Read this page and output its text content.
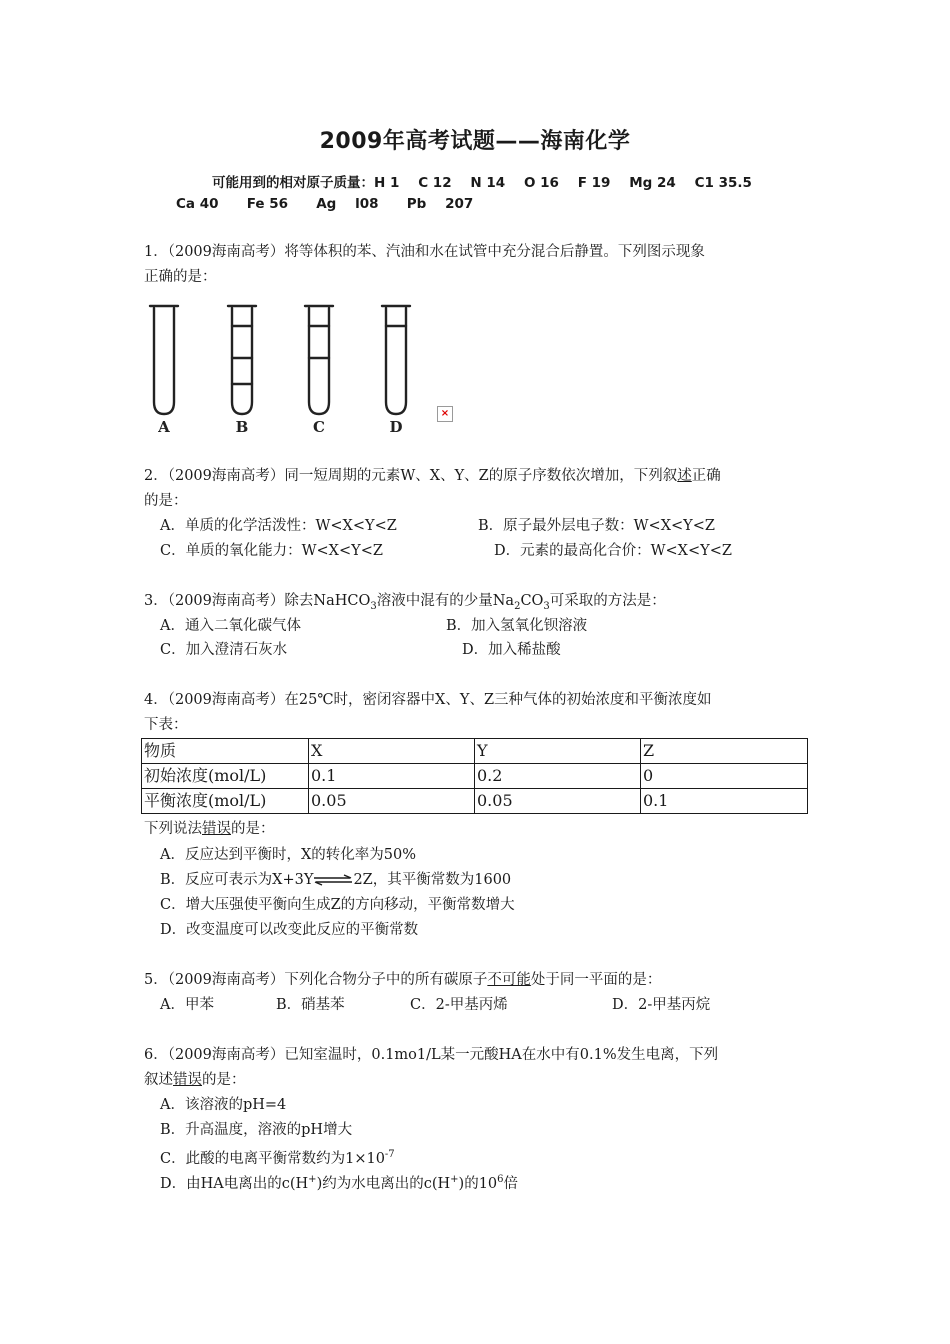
2009年高考试题——海南化学
可能用到的相对原子质量：H 1    C 12    N 14    O 16    F 19    Mg 24    C1 35.5
Ca 40      Fe 56      Ag    l08      Pb    207
1．（2009海南高考）将等体积的苯、汽油和水在试管中充分混合后静置。下列图示现象
正确的是：
A	B	C	D
×
2．（2009海南高考）同一短周期的元素W、X、Y、Z的原子序数依次增加，下列叙述正确
的是：
A．单质的化学活泼性：W<X<Y<Z	B．原子最外层电子数：W<X<Y<Z
C．单质的氧化能力：W<X<Y<Z	D．元素的最高化合价：W<X<Y<Z
3．（2009海南高考）除去NaHCO$_3$溶液中混有的少量$Na_2CO_3$可采取的方法是：
A．通入二氧化碳气体	B．加入氢氧化钡溶液
C．加入澄清石灰水	D．加入稀盐酸
4．（2009海南高考）在25℃时，密闭容器中X、Y、Z三种气体的初始浓度和平衡浓度如
下表：
物质	X	Y	Z
初始浓度(mol/L)	0.1	0.2	0
平衡浓度(mol/L)	0.05	0.05	0.1
下列说法错误的是：
A．反应达到平衡时，X的转化率为50%
B．反应可表示为X+3Y⇌2Z，其平衡常数为1600
C．增大压强使平衡向生成Z的方向移动，平衡常数增大
D．改变温度可以改变此反应的平衡常数
5．（2009海南高考）下列化合物分子中的所有碳原子不可能处于同一平面的是：
A．甲苯	B．硝基苯	C．2-甲基丙烯	D．2-甲基丙烷
6．（2009海南高考）已知室温时，0.1mo1/L某一元酸HA在水中有0.1%发生电离，下列
叙述错误的是：
A．该溶液的pH=4
B．升高温度，溶液的pH增大
C．此酸的电离平衡常数约为$1\times 10^{-7}$
D．由HA电离出的c(H+)约为水电离出的c(H+)的$10^6$倍
